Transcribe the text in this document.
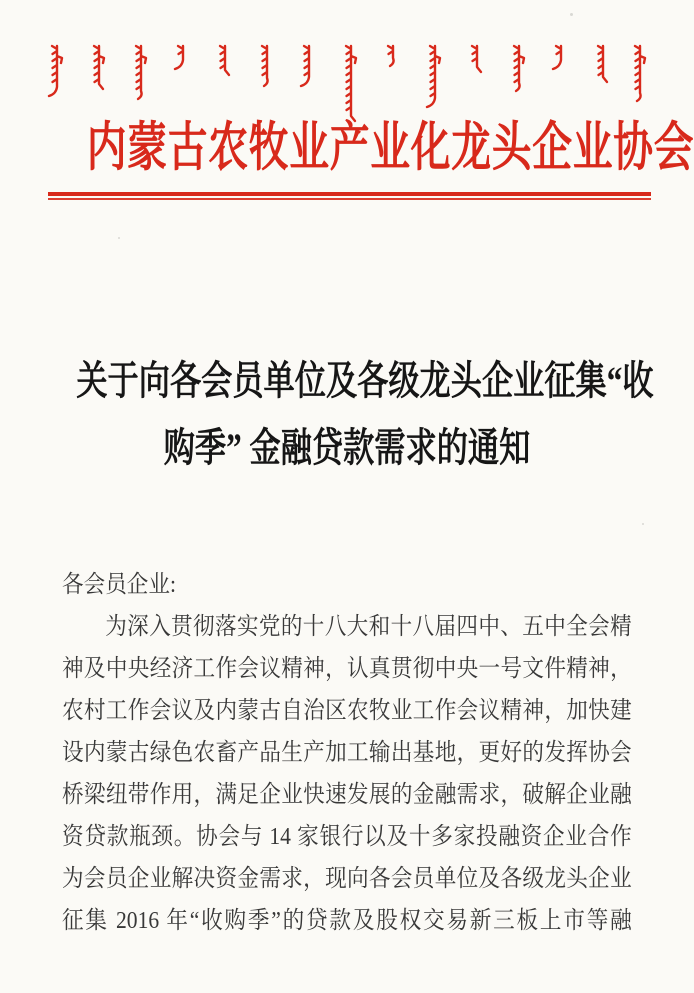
内蒙古农牧业产业化龙头企业协会
关于向各会员单位及各级龙头企业征集“收
购季” 金融贷款需求的通知
各会员企业:
为深入贯彻落实党的十八大和十八届四中、五中全会精
神及中央经济工作会议精神，认真贯彻中央一号文件精神，
农村工作会议及内蒙古自治区农牧业工作会议精神，加快建
设内蒙古绿色农畜产品生产加工输出基地，更好的发挥协会
桥梁纽带作用，满足企业快速发展的金融需求，破解企业融
资贷款瓶颈。协会与 14 家银行以及十多家投融资企业合作
为会员企业解决资金需求，现向各会员单位及各级龙头企业
征集 2016 年“收购季”的贷款及股权交易新三板上市等融
